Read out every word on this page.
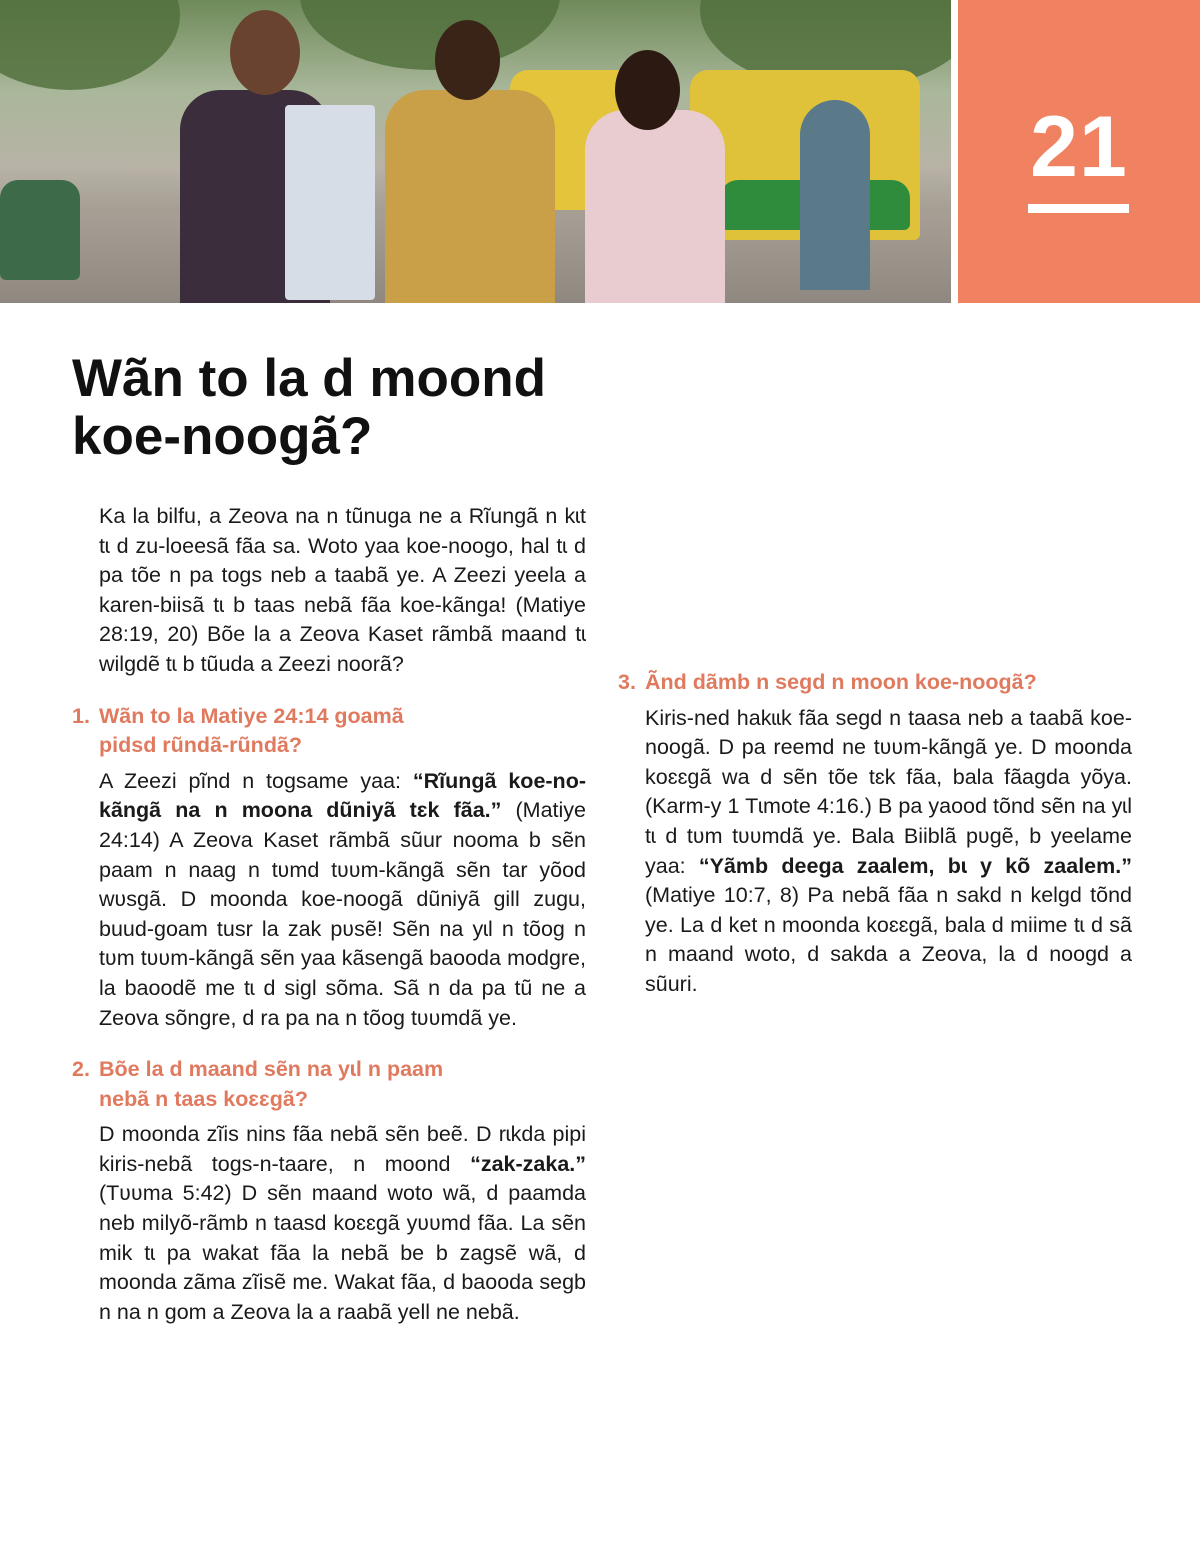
21
Wãn to la d moond koe-noogã?

Ka la bilfu, a Zeova na n tũnuga ne a Rĩungã n kɩt tɩ d zu-loeesã fãa sa. Woto yaa koe-noogo, hal tɩ d pa tõe n pa togs neb a taabã ye. A Zeezi yeela a karen-biisã tɩ b taas nebã fãa koe-kãnga! (Matiye 28:19, 20) Bõe la a Zeova Kaset rãmbã maand tɩ wilgdẽ tɩ b tũuda a Zeezi noorã?

1. Wãn to la Matiye 24:14 goamã pidsd rũndã-rũndã?

A Zeezi pĩnd n togsame yaa: “Rĩungã koe-no-kãngã na n moona dũniyã tɛk fãa.” (Matiye 24:14) A Zeova Kaset rãmbã sũur nooma b sẽn paam n naag n tʋmd tʋʋm-kãngã sẽn tar yõod wʋsgã. D moonda koe-noogã dũniyã gill zugu, buud-goam tusr la zak pʋsẽ! Sẽn na yɩl n tõog n tʋm tʋʋm-kãngã sẽn yaa kãsengã baooda modgre, la baoodẽ me tɩ d sigl sõma. Sã n da pa tũ ne a Zeova sõngre, d ra pa na n tõog tʋʋmdã ye.

2. Bõe la d maand sẽn na yɩl n paam nebã n taas koɛɛgã?

D moonda zĩis nins fãa nebã sẽn beẽ. D rɩkda pipi kiris-nebã togs-n-taare, n moond “zak-zaka.” (Tʋʋma 5:42) D sẽn maand woto wã, d paamda neb milyõ-rãmb n taasd koɛɛgã yʋʋmd fãa. La sẽn mik tɩ pa wakat fãa la nebã be b zagsẽ wã, d moonda zãma zĩisẽ me. Wakat fãa, d baooda segb n na n gom a Zeova la a raabã yell ne nebã.

3. Ãnd dãmb n segd n moon koe-noogã?

Kiris-ned hakɩɩk fãa segd n taasa neb a taabã koe-noogã. D pa reemd ne tʋʋm-kãngã ye. D moonda koɛɛgã wa d sẽn tõe tɛk fãa, bala fãagda yõya. (Karm-y 1 Tɩmote 4:16.) B pa yaood tõnd sẽn na yɩl tɩ d tʋm tʋʋmdã ye. Bala Biiblã pʋgẽ, b yeelame yaa: “Yãmb deega zaalem, bɩ y kõ zaalem.” (Matiye 10:7, 8) Pa nebã fãa n sakd n kelgd tõnd ye. La d ket n moonda koɛɛgã, bala d miime tɩ d sã n maand woto, d sakda a Zeova, la d noogd a sũuri.
